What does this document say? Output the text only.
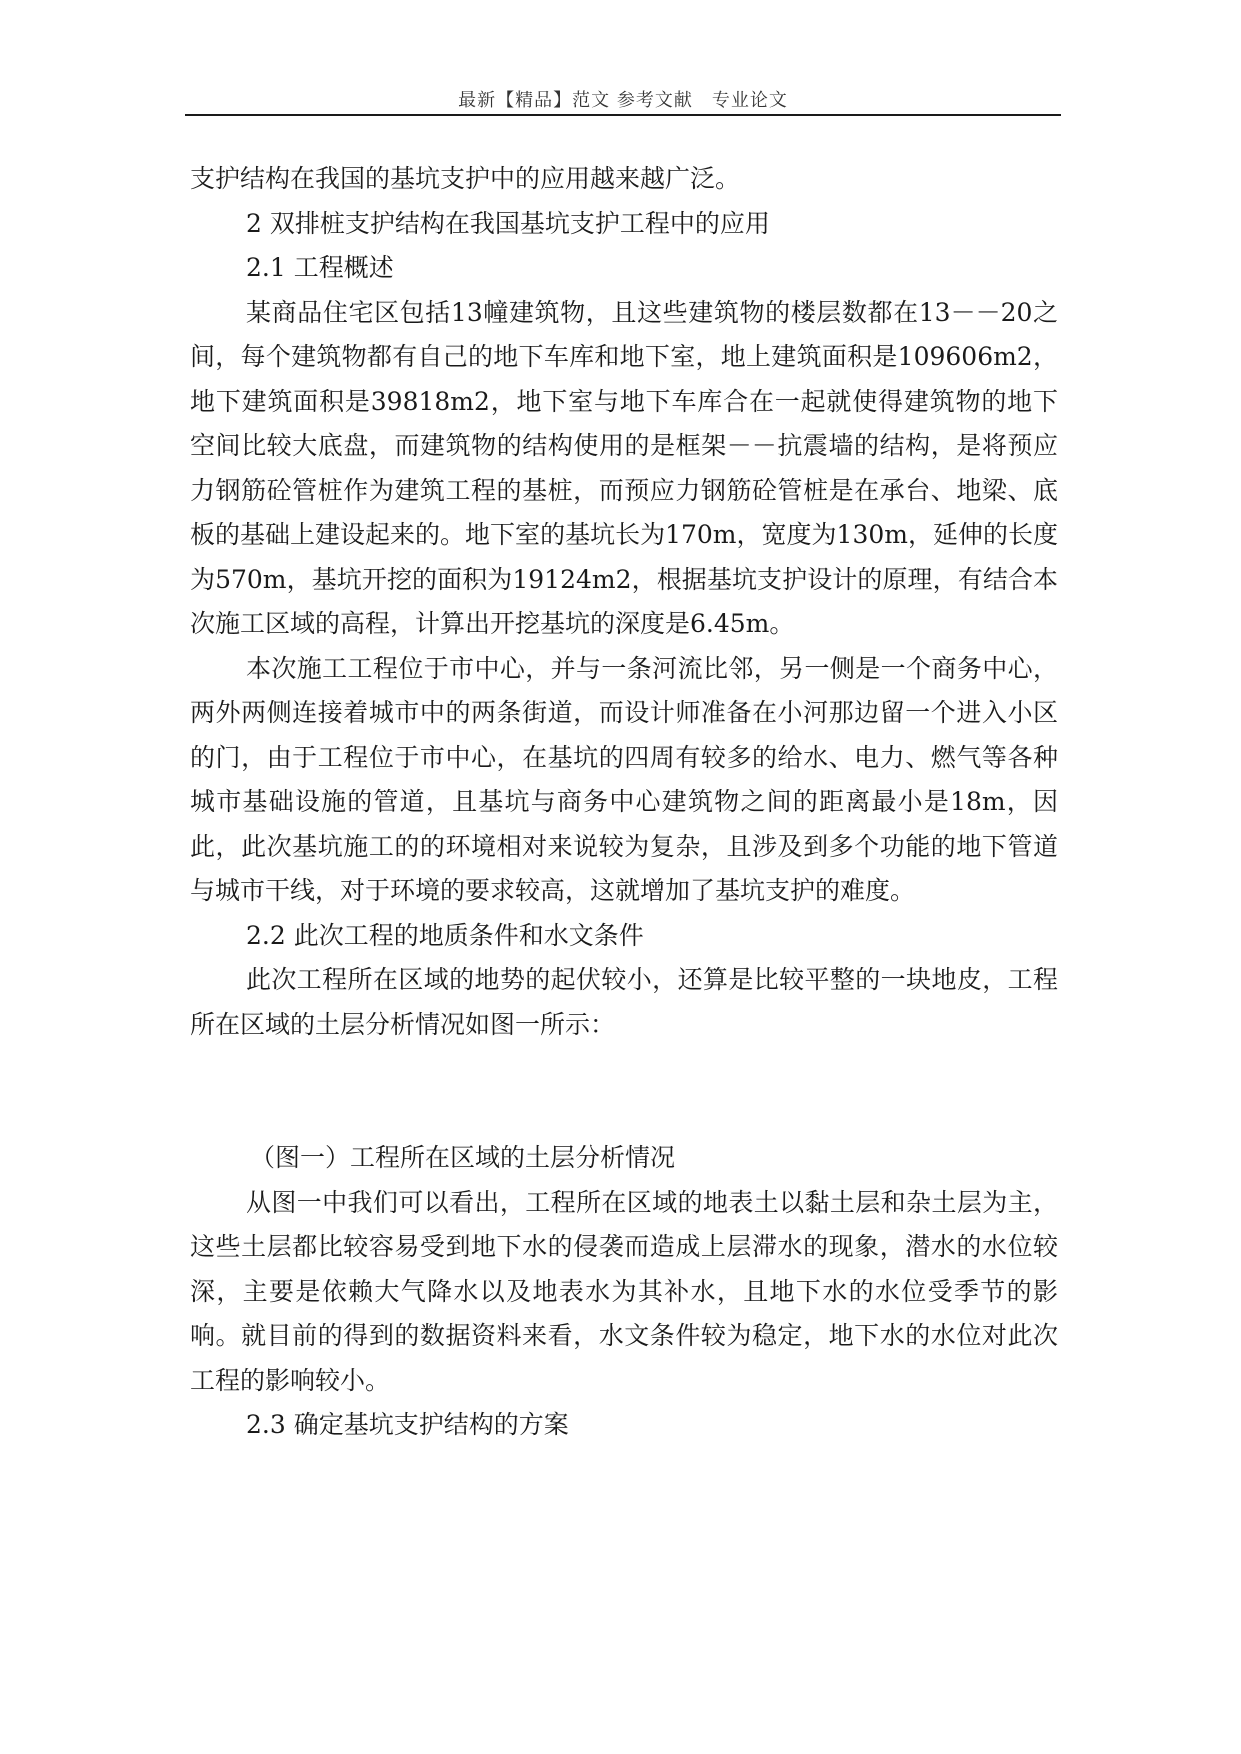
最新【精品】范文 参考文献　专业论文

支护结构在我国的基坑支护中的应用越来越广泛。

2 双排桩支护结构在我国基坑支护工程中的应用

2.1 工程概述

某商品住宅区包括13幢建筑物，且这些建筑物的楼层数都在13－－20之间，每个建筑物都有自己的地下车库和地下室，地上建筑面积是109606m2，地下建筑面积是39818m2，地下室与地下车库合在一起就使得建筑物的地下空间比较大底盘，而建筑物的结构使用的是框架－－抗震墙的结构，是将预应力钢筋砼管桩作为建筑工程的基桩，而预应力钢筋砼管桩是在承台、地梁、底板的基础上建设起来的。地下室的基坑长为170m，宽度为130m，延伸的长度为570m，基坑开挖的面积为19124m2，根据基坑支护设计的原理，有结合本次施工区域的高程，计算出开挖基坑的深度是6.45m。

本次施工工程位于市中心，并与一条河流比邻，另一侧是一个商务中心，两外两侧连接着城市中的两条街道，而设计师准备在小河那边留一个进入小区的门，由于工程位于市中心，在基坑的四周有较多的给水、电力、燃气等各种城市基础设施的管道，且基坑与商务中心建筑物之间的距离最小是18m，因此，此次基坑施工的的环境相对来说较为复杂，且涉及到多个功能的地下管道与城市干线，对于环境的要求较高，这就增加了基坑支护的难度。

2.2 此次工程的地质条件和水文条件

此次工程所在区域的地势的起伏较小，还算是比较平整的一块地皮，工程所在区域的土层分析情况如图一所示：

（图一）工程所在区域的土层分析情况

从图一中我们可以看出，工程所在区域的地表土以黏土层和杂土层为主，这些土层都比较容易受到地下水的侵袭而造成上层滞水的现象，潜水的水位较深，主要是依赖大气降水以及地表水为其补水，且地下水的水位受季节的影响。就目前的得到的数据资料来看，水文条件较为稳定，地下水的水位对此次工程的影响较小。

2.3 确定基坑支护结构的方案
